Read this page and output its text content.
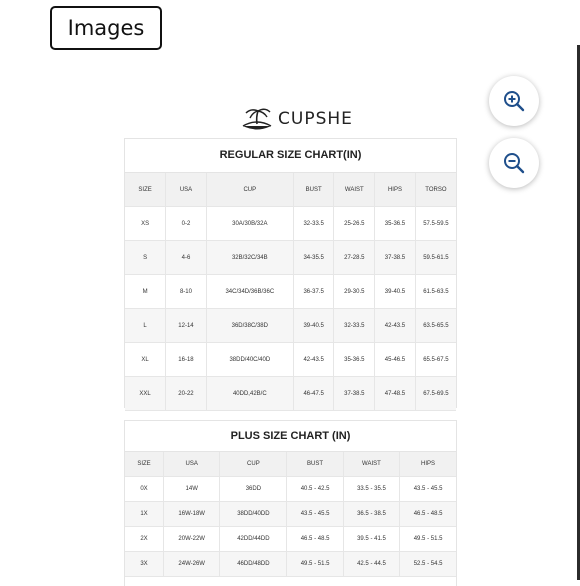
Images
CUPSHE
REGULAR SIZE CHART(IN)
SIZE	USA	CUP	BUST	WAIST	HIPS	TORSO
XS	0-2	30A/30B/32A	32-33.5	25-26.5	35-36.5	57.5-59.5
S	4-6	32B/32C/34B	34-35.5	27-28.5	37-38.5	59.5-61.5
M	8-10	34C/34D/36B/36C	36-37.5	29-30.5	39-40.5	61.5-63.5
L	12-14	36D/38C/38D	39-40.5	32-33.5	42-43.5	63.5-65.5
XL	16-18	38DD/40C/40D	42-43.5	35-36.5	45-46.5	65.5-67.5
XXL	20-22	40DD,42B/C	46-47.5	37-38.5	47-48.5	67.5-69.5
PLUS SIZE CHART (IN)
SIZE	USA	CUP	BUST	WAIST	HIPS
0X	14W	36DD	40.5 - 42.5	33.5 - 35.5	43.5 - 45.5
1X	16W-18W	38DD/40DD	43.5 - 45.5	36.5 - 38.5	46.5 - 48.5
2X	20W-22W	42DD/44DD	46.5 - 48.5	39.5 - 41.5	49.5 - 51.5
3X	24W-26W	46DD/48DD	49.5 - 51.5	42.5 - 44.5	52.5 - 54.5
